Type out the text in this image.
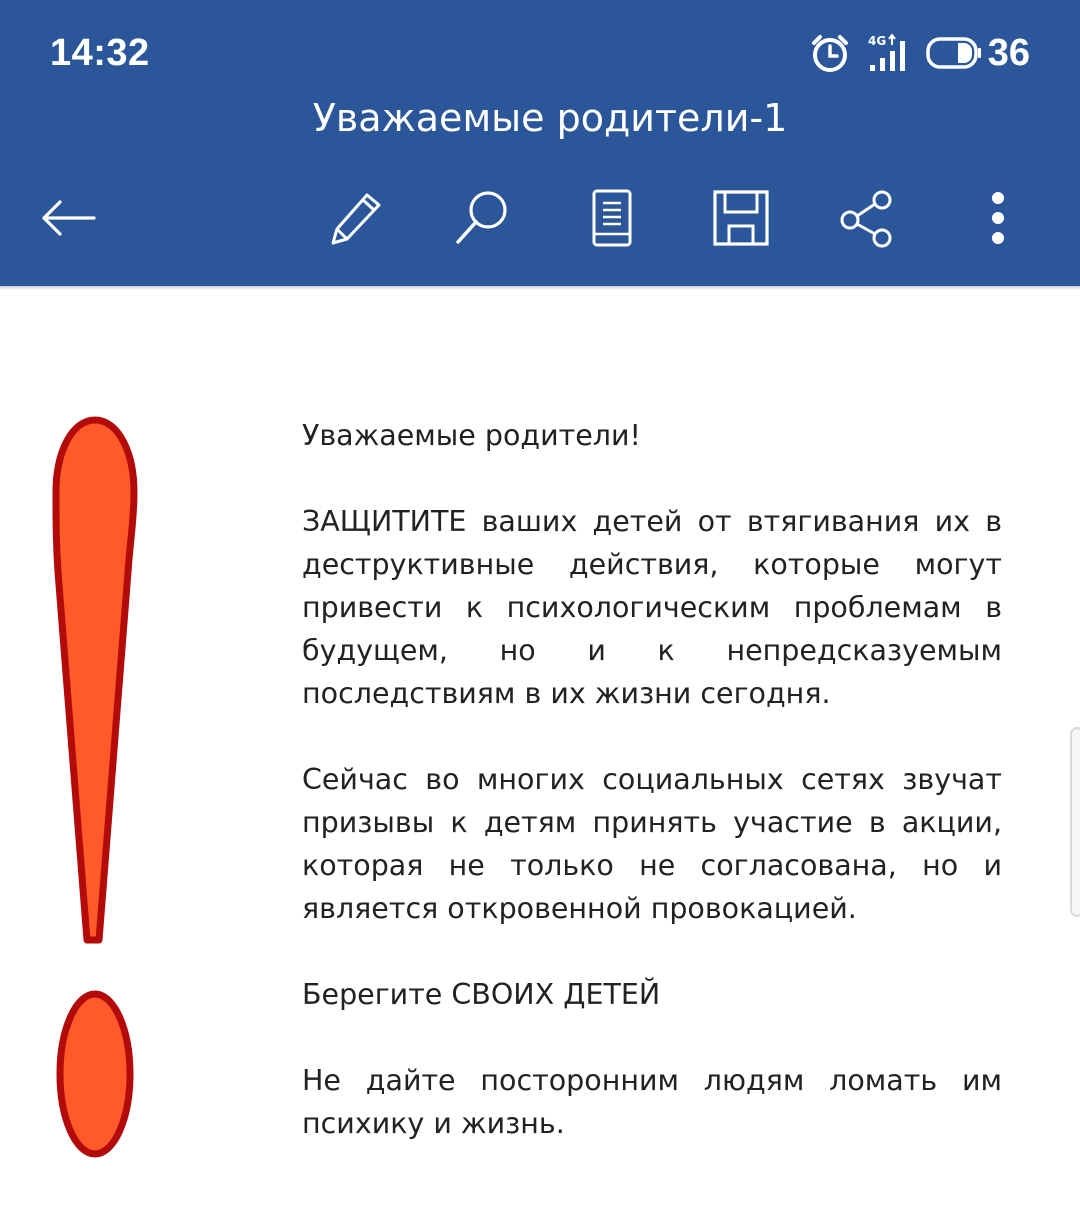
14:32	4G	36
Уважаемые родители-1

Уважаемые родители!

ЗАЩИТИТЕ ваших детей от втягивания их в деструктивные действия, которые могут привести к психологическим проблемам в будущем, но и к непредсказуемым последствиям в их жизни сегодня.

Сейчас во многих социальных сетях звучат призывы к детям принять участие в акции, которая не только не согласована, но и является откровенной провокацией.

Берегите СВОИХ ДЕТЕЙ

Не дайте посторонним людям ломать им психику и жизнь.
